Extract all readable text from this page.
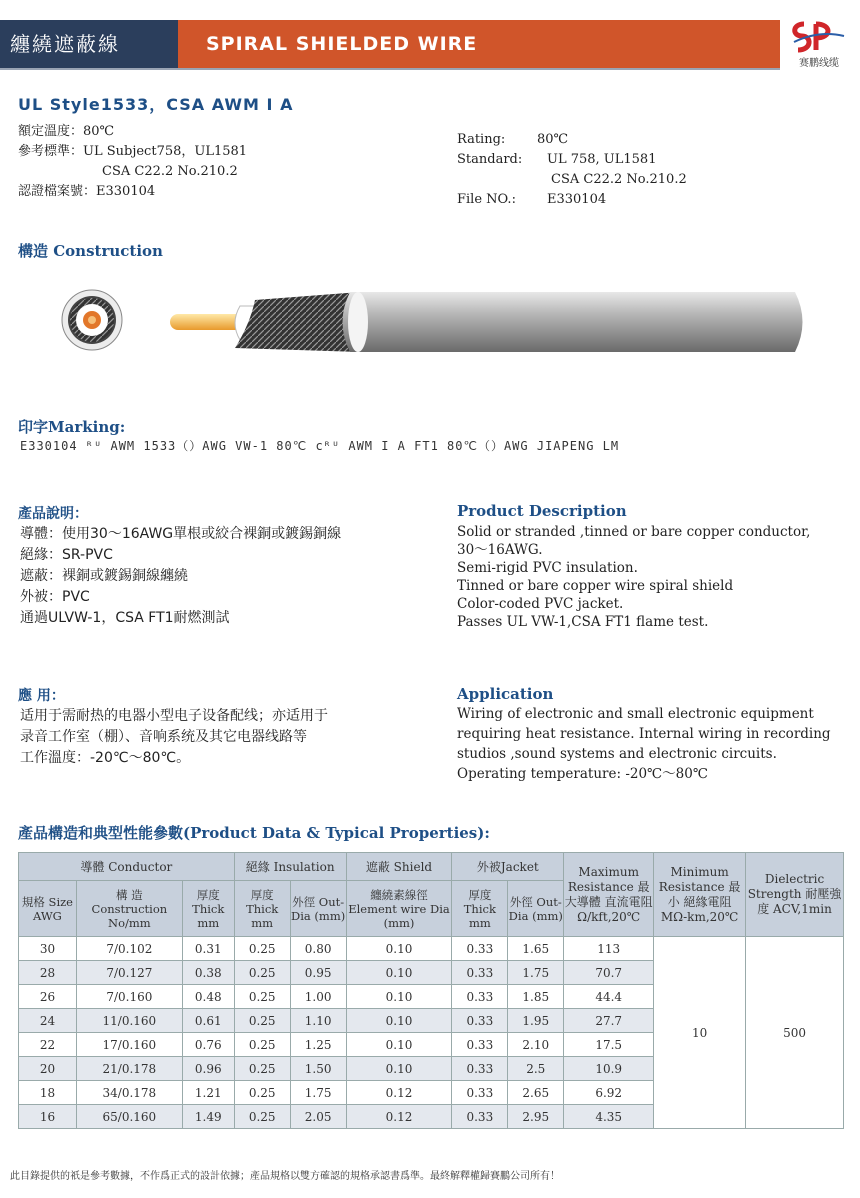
纏繞遮蔽線	SPIRAL SHIELDED WIRE
赛鹏线缆
UL Style1533，CSA AWM I A
額定溫度：80℃
參考標準：UL Subject758，UL1581
CSA C22.2 No.210.2
認證檔案號：E330104
Rating: 80℃
Standard: UL 758, UL1581
CSA C22.2 No.210.2
File NO.: E330104
構造 Construction
印字Marking:
E330104 ᴿᵁ AWM 1533（）AWG VW-1 80℃ cᴿᵁ AWM I A FT1 80℃（）AWG JIAPENG LM
產品說明：
導體：使用30～16AWG單根或絞合裸銅或鍍錫銅線
絕緣：SR-PVC
遮蔽：裸銅或鍍錫銅線纏繞
外被：PVC
通過ULVW-1，CSA FT1耐燃測試
Product Description
Solid or stranded ,tinned or bare copper conductor,
30～16AWG.
Semi-rigid PVC insulation.
Tinned or bare copper wire spiral shield
Color-coded PVC jacket.
Passes UL VW-1,CSA FT1 flame test.
應 用：
适用于需耐热的电器小型电子设备配线；亦适用于
录音工作室（棚）、音响系统及其它电器线路等
工作溫度：-20℃～80℃。
Application
Wiring of electronic and small electronic equipment
requiring heat resistance. Internal wiring in recording
studios ,sound systems and electronic circuits.
Operating temperature: -20℃～80℃
產品構造和典型性能參數(Product Data & Typical Properties):
導體 Conductor			絕緣 Insulation		遮蔽 Shield	外被Jacket		Maximum Resistance 最大導體 直流電阻 Ω/kft,20℃	Minimum Resistance 最小 絕緣電阻 MΩ-km,20℃	Dielectric Strength 耐壓強度 ACV,1min
規格 Size AWG	構 造 Construction No/mm	厚度 Thick mm	厚度 Thick mm	外徑 Out-Dia (mm)	纏繞素線徑 Element wire Dia (mm)	厚度 Thick mm	外徑 Out-Dia (mm)			
30	7/0.102	0.31	0.25	0.80	0.10	0.33	1.65	113	10	500
28	7/0.127	0.38	0.25	0.95	0.10	0.33	1.75	70.7		
26	7/0.160	0.48	0.25	1.00	0.10	0.33	1.85	44.4		
24	11/0.160	0.61	0.25	1.10	0.10	0.33	1.95	27.7		
22	17/0.160	0.76	0.25	1.25	0.10	0.33	2.10	17.5		
20	21/0.178	0.96	0.25	1.50	0.10	0.33	2.5	10.9		
18	34/0.178	1.21	0.25	1.75	0.12	0.33	2.65	6.92		
16	65/0.160	1.49	0.25	2.05	0.12	0.33	2.95	4.35		
此目錄提供的祇是參考數據，不作爲正式的設計依據；產品規格以雙方確認的規格承認書爲準。最終解釋權歸賽鵬公司所有！
